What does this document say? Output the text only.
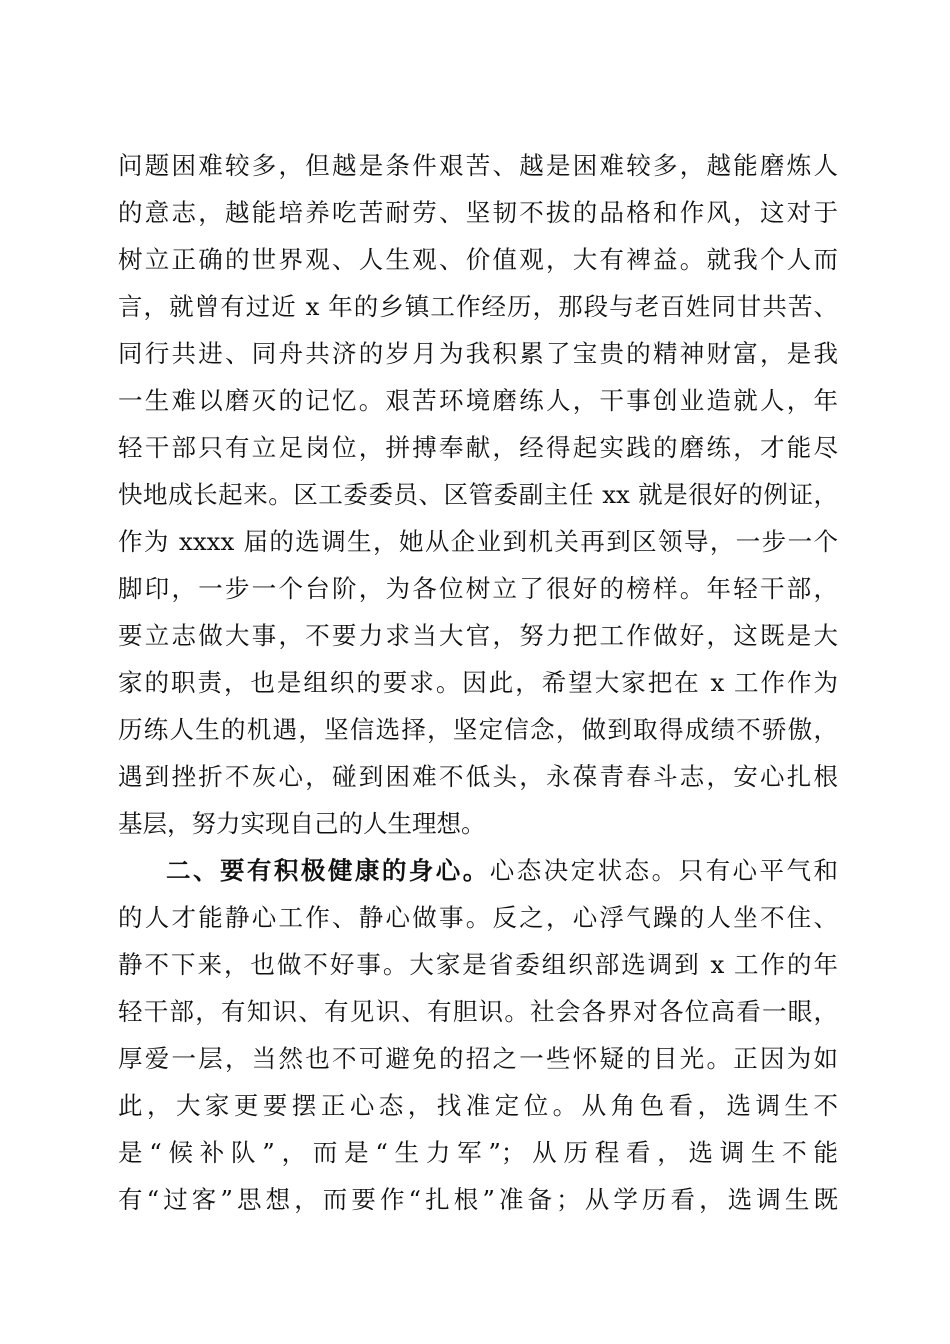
问题困难较多，但越是条件艰苦、越是困难较多，越能磨炼人
的意志，越能培养吃苦耐劳、坚韧不拔的品格和作风，这对于
树立正确的世界观、人生观、价值观，大有裨益。就我个人而
言，就曾有过近 x 年的乡镇工作经历，那段与老百姓同甘共苦、
同行共进、同舟共济的岁月为我积累了宝贵的精神财富，是我
一生难以磨灭的记忆。艰苦环境磨练人，干事创业造就人，年
轻干部只有立足岗位，拼搏奉献，经得起实践的磨练，才能尽
快地成长起来。区工委委员、区管委副主任 xx 就是很好的例证，
作为 xxxx 届的选调生，她从企业到机关再到区领导，一步一个
脚印，一步一个台阶，为各位树立了很好的榜样。年轻干部，
要立志做大事，不要力求当大官，努力把工作做好，这既是大
家的职责，也是组织的要求。因此，希望大家把在 x 工作作为
历练人生的机遇，坚信选择，坚定信念，做到取得成绩不骄傲，
遇到挫折不灰心，碰到困难不低头，永葆青春斗志，安心扎根
基层，努力实现自己的人生理想。
二、要有积极健康的身心。心态决定状态。只有心平气和
的人才能静心工作、静心做事。反之，心浮气躁的人坐不住、
静不下来，也做不好事。大家是省委组织部选调到 x 工作的年
轻干部，有知识、有见识、有胆识。社会各界对各位高看一眼，
厚爱一层，当然也不可避免的招之一些怀疑的目光。正因为如
此，大家更要摆正心态，找准定位。从角色看，选调生不
是“候补队”，而是“生力军”；从历程看，选调生不能
有“过客”思想，而要作“扎根”准备；从学历看，选调生既
